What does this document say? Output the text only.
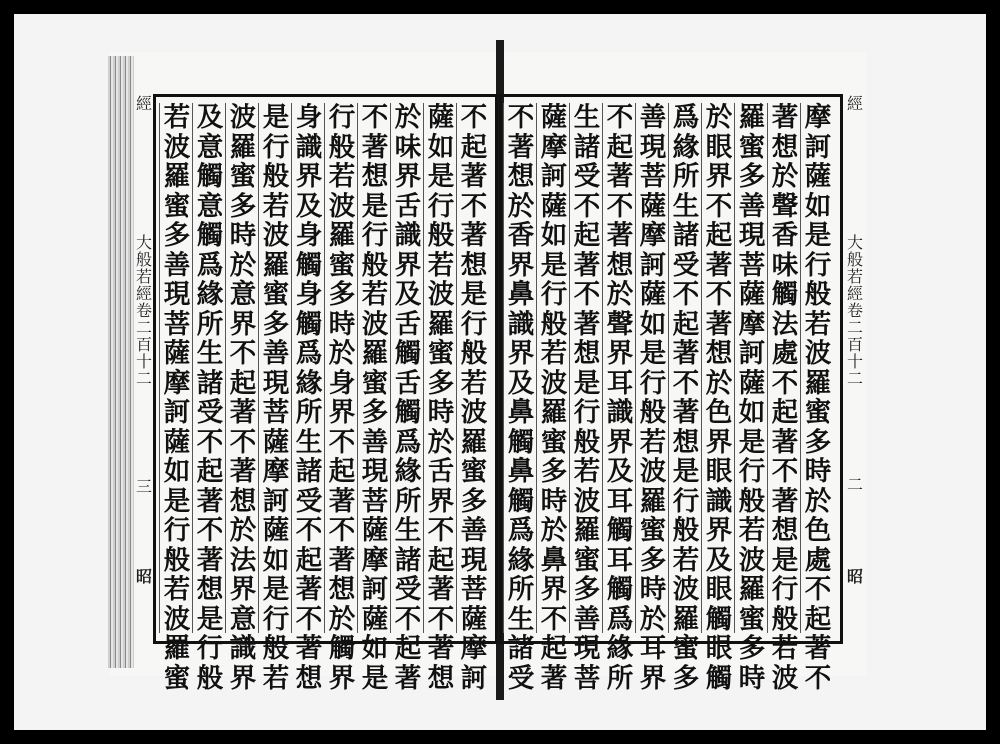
經
大般若經卷二百十二
三
昭
經
大般若經卷二百十二
二
昭
不
起
著
不
著
想
是
行
般
若
波
羅
蜜
多
善
現
菩
薩
摩
訶
薩
如
是
行
般
若
波
羅
蜜
多
時
於
舌
界
不
起
著
不
著
想
於
味
界
舌
識
界
及
舌
觸
舌
觸
爲
緣
所
生
諸
受
不
起
著
不
著
想
是
行
般
若
波
羅
蜜
多
善
現
菩
薩
摩
訶
薩
如
是
行
般
若
波
羅
蜜
多
時
於
身
界
不
起
著
不
著
想
於
觸
界
身
識
界
及
身
觸
身
觸
爲
緣
所
生
諸
受
不
起
著
不
著
想
是
行
般
若
波
羅
蜜
多
善
現
菩
薩
摩
訶
薩
如
是
行
般
若
波
羅
蜜
多
時
於
意
界
不
起
著
不
著
想
於
法
界
意
識
界
及
意
觸
意
觸
爲
緣
所
生
諸
受
不
起
著
不
著
想
是
行
般
若
波
羅
蜜
多
善
現
菩
薩
摩
訶
薩
如
是
行
般
若
波
羅
蜜
摩
訶
薩
如
是
行
般
若
波
羅
蜜
多
時
於
色
處
不
起
著
不
著
想
於
聲
香
味
觸
法
處
不
起
著
不
著
想
是
行
般
若
波
羅
蜜
多
善
現
菩
薩
摩
訶
薩
如
是
行
般
若
波
羅
蜜
多
時
於
眼
界
不
起
著
不
著
想
於
色
界
眼
識
界
及
眼
觸
眼
觸
爲
緣
所
生
諸
受
不
起
著
不
著
想
是
行
般
若
波
羅
蜜
多
善
現
菩
薩
摩
訶
薩
如
是
行
般
若
波
羅
蜜
多
時
於
耳
界
不
起
著
不
著
想
於
聲
界
耳
識
界
及
耳
觸
耳
觸
爲
緣
所
生
諸
受
不
起
著
不
著
想
是
行
般
若
波
羅
蜜
多
善
現
菩
薩
摩
訶
薩
如
是
行
般
若
波
羅
蜜
多
時
於
鼻
界
不
起
著
不
著
想
於
香
界
鼻
識
界
及
鼻
觸
鼻
觸
爲
緣
所
生
諸
受
